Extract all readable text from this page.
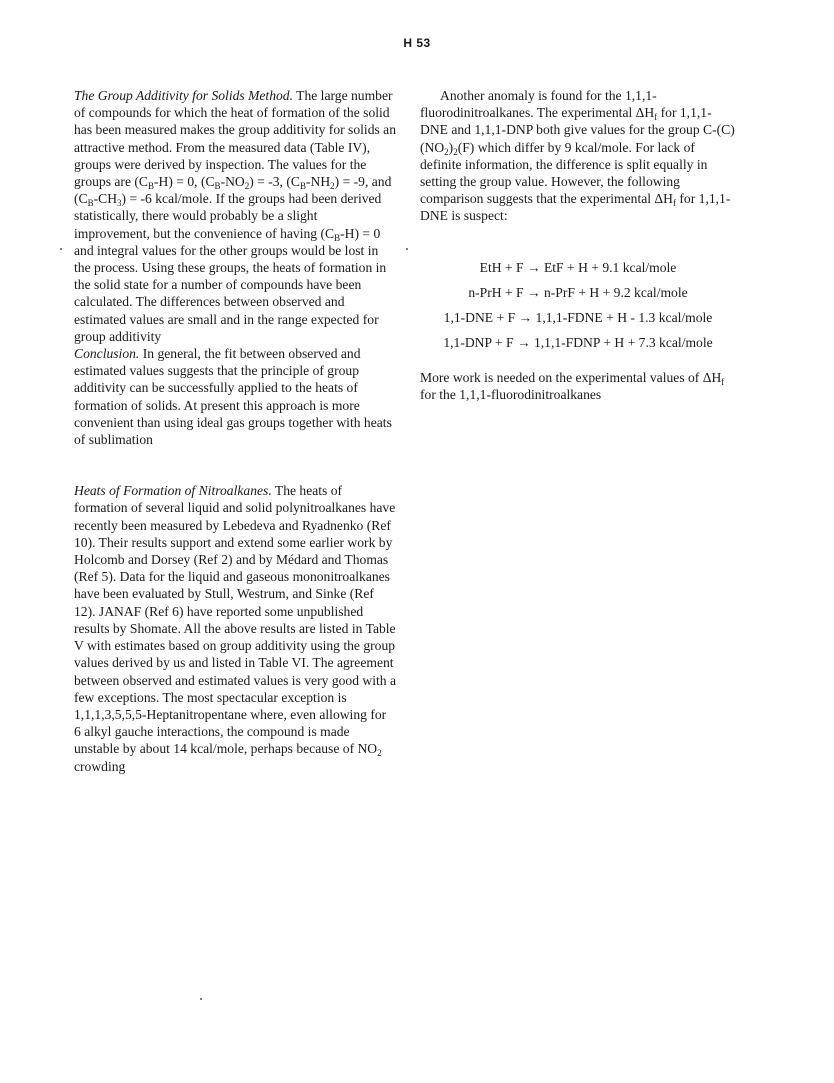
H 53

The Group Additivity for Solids Method. The large number of compounds for which the heat of formation of the solid has been measured makes the group additivity for solids an attractive method. From the measured data (Table IV), groups were derived by inspection. The values for the groups are $(C_B-H) = 0$, $(C_B-NO_2) = -3$, $(C_B-NH_2) = -9$, and $(C_B-CH_3) = -6$ kcal/mole. If the groups had been derived statistically, there would probably be a slight improvement, but the convenience of having $(C_B-H) = 0$ and integral values for the other groups would be lost in the process. Using these groups, the heats of formation in the solid state for a number of compounds have been calculated. The differences between observed and estimated values are small and in the range expected for group additivity

Conclusion. In general, the fit between observed and estimated values suggests that the principle of group additivity can be successfully applied to the heats of formation of solids. At present this approach is more convenient than using ideal gas groups together with heats of sublimation

Heats of Formation of Nitroalkanes. The heats of formation of several liquid and solid polynitroalkanes have recently been measured by Lebedeva and Ryadnenko (Ref 10). Their results support and extend some earlier work by Holcomb and Dorsey (Ref 2) and by Médard and Thomas (Ref 5). Data for the liquid and gaseous mononitroalkanes have been evaluated by Stull, Westrum, and Sinke (Ref 12). JANAF (Ref 6) have reported some unpublished results by Shomate. All the above results are listed in Table V with estimates based on group additivity using the group values derived by us and listed in Table VI. The agreement between observed and estimated values is very good with a few exceptions. The most spectacular exception is 1,1,1,3,5,5,5-Heptanitropentane where, even allowing for 6 alkyl gauche interactions, the compound is made unstable by about 14 kcal/mole, perhaps because of $NO_2$ crowding

Another anomaly is found for the 1,1,1-fluorodinitroalkanes. The experimental $\Delta H_f$ for 1,1,1-DNE and 1,1,1-DNP both give values for the group $C-(C)(NO_2)_2(F)$ which differ by 9 kcal/mole. For lack of definite information, the difference is split equally in setting the group value. However, the following comparison suggests that the experimental $\Delta H_f$ for 1,1,1-DNE is suspect:

EtH + F → EtF + H + 9.1 kcal/mole
n-PrH + F → n-PrF + H + 9.2 kcal/mole
1,1-DNE + F → 1,1,1-FDNE + H - 1.3 kcal/mole
1,1-DNP + F → 1,1,1-FDNP + H + 7.3 kcal/mole

More work is needed on the experimental values of $\Delta H_f$ for the 1,1,1-fluorodinitroalkanes
